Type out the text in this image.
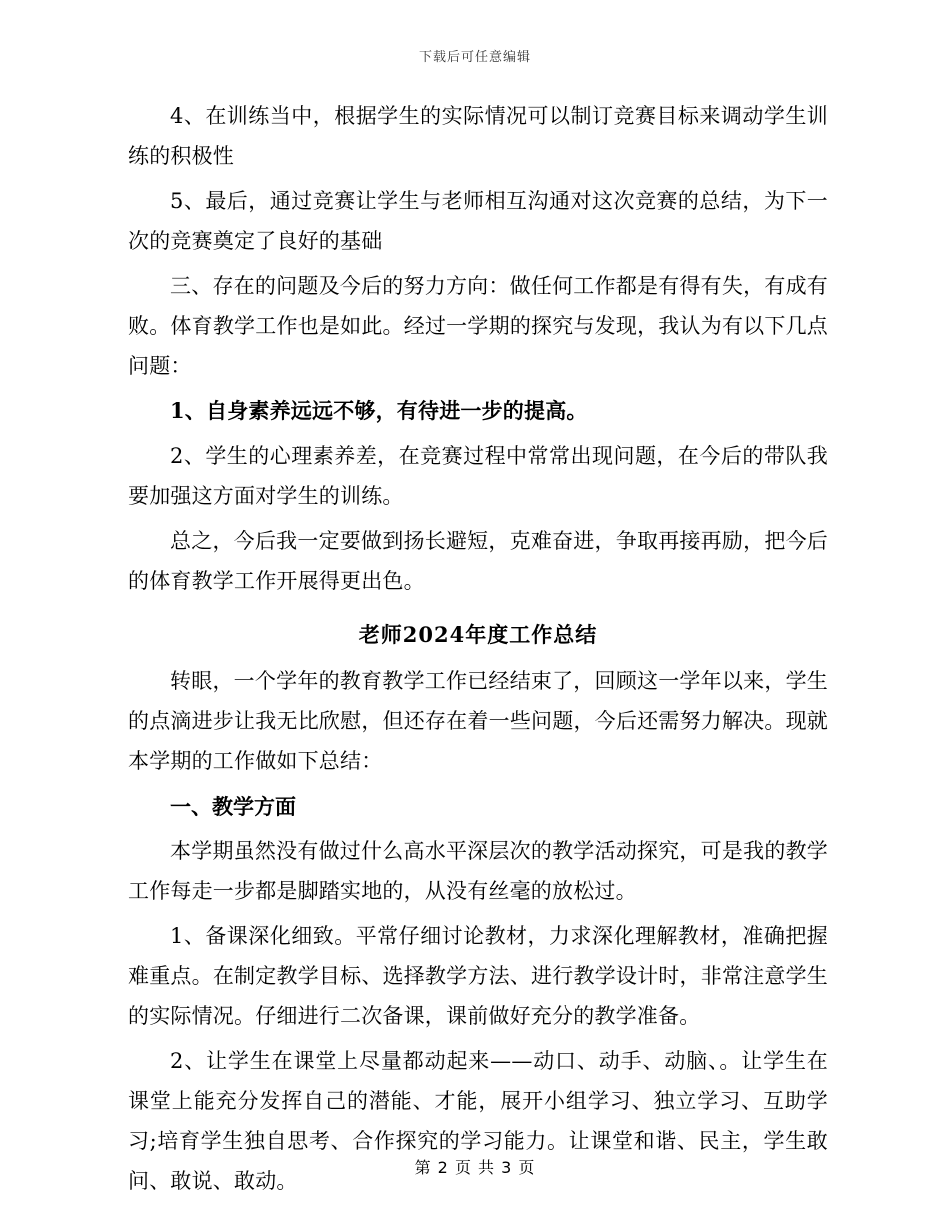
下载后可任意编辑

4、在训练当中，根据学生的实际情况可以制订竞赛目标来调动学生训练的积极性

5、最后，通过竞赛让学生与老师相互沟通对这次竞赛的总结，为下一次的竞赛奠定了良好的基础

三、存在的问题及今后的努力方向：做任何工作都是有得有失，有成有败。体育教学工作也是如此。经过一学期的探究与发现，我认为有以下几点问题：

1、自身素养远远不够，有待进一步的提高。

2、学生的心理素养差，在竞赛过程中常常出现问题，在今后的带队我要加强这方面对学生的训练。

总之，今后我一定要做到扬长避短，克难奋进，争取再接再励，把今后的体育教学工作开展得更出色。

老师2024年度工作总结

转眼，一个学年的教育教学工作已经结束了，回顾这一学年以来，学生的点滴进步让我无比欣慰，但还存在着一些问题，今后还需努力解决。现就本学期的工作做如下总结：

一、教学方面

本学期虽然没有做过什么高水平深层次的教学活动探究，可是我的教学工作每走一步都是脚踏实地的，从没有丝毫的放松过。

1、备课深化细致。平常仔细讨论教材，力求深化理解教材，准确把握难重点。在制定教学目标、选择教学方法、进行教学设计时，非常注意学生的实际情况。仔细进行二次备课，课前做好充分的教学准备。

2、让学生在课堂上尽量都动起来——动口、动手、动脑、。让学生在课堂上能充分发挥自己的潜能、才能，展开小组学习、独立学习、互助学习;培育学生独自思考、合作探究的学习能力。让课堂和谐、民主，学生敢问、敢说、敢动。

第 2 页 共 3 页
